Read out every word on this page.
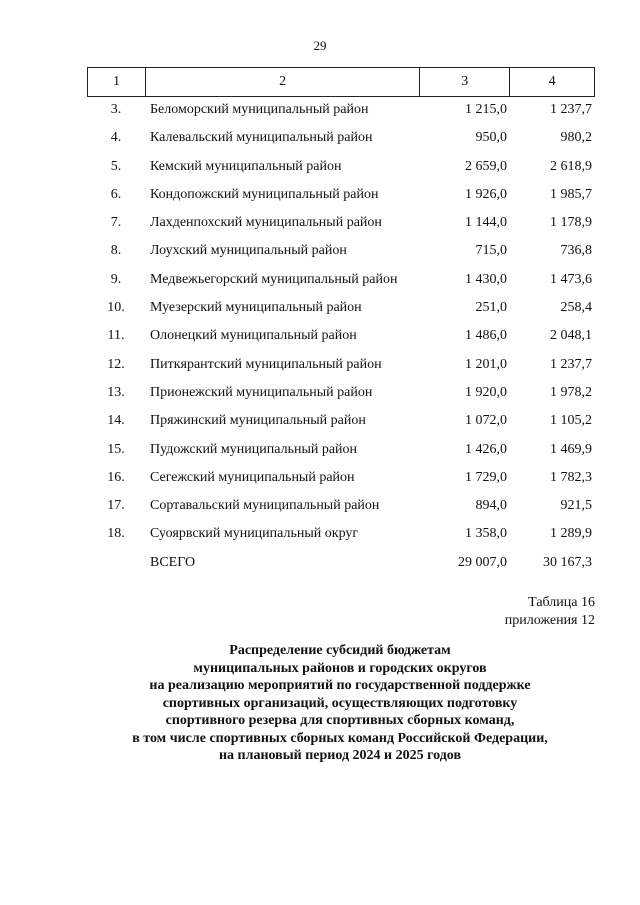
29
1	2	3	4
3.	Беломорский муниципальный район	1 215,0	1 237,7
4.	Калевальский муниципальный район	950,0	980,2
5.	Кемский муниципальный район	2 659,0	2 618,9
6.	Кондопожский муниципальный район	1 926,0	1 985,7
7.	Лахденпохский муниципальный район	1 144,0	1 178,9
8.	Лоухский муниципальный район	715,0	736,8
9.	Медвежьегорский муниципальный район	1 430,0	1 473,6
10.	Муезерский муниципальный район	251,0	258,4
11.	Олонецкий муниципальный район	1 486,0	2 048,1
12.	Питкярантский муниципальный район	1 201,0	1 237,7
13.	Прионежский муниципальный район	1 920,0	1 978,2
14.	Пряжинский муниципальный район	1 072,0	1 105,2
15.	Пудожский муниципальный район	1 426,0	1 469,9
16.	Сегежский муниципальный район	1 729,0	1 782,3
17.	Сортавальский муниципальный район	894,0	921,5
18.	Суоярвский муниципальный округ	1 358,0	1 289,9
ВСЕГО	29 007,0	30 167,3
Таблица 16
приложения 12
Распределение субсидий бюджетам
муниципальных районов и городских округов
на реализацию мероприятий по государственной поддержке
спортивных организаций, осуществляющих подготовку
спортивного резерва для спортивных сборных команд,
в том числе спортивных сборных команд Российской Федерации,
на плановый период 2024 и 2025 годов
